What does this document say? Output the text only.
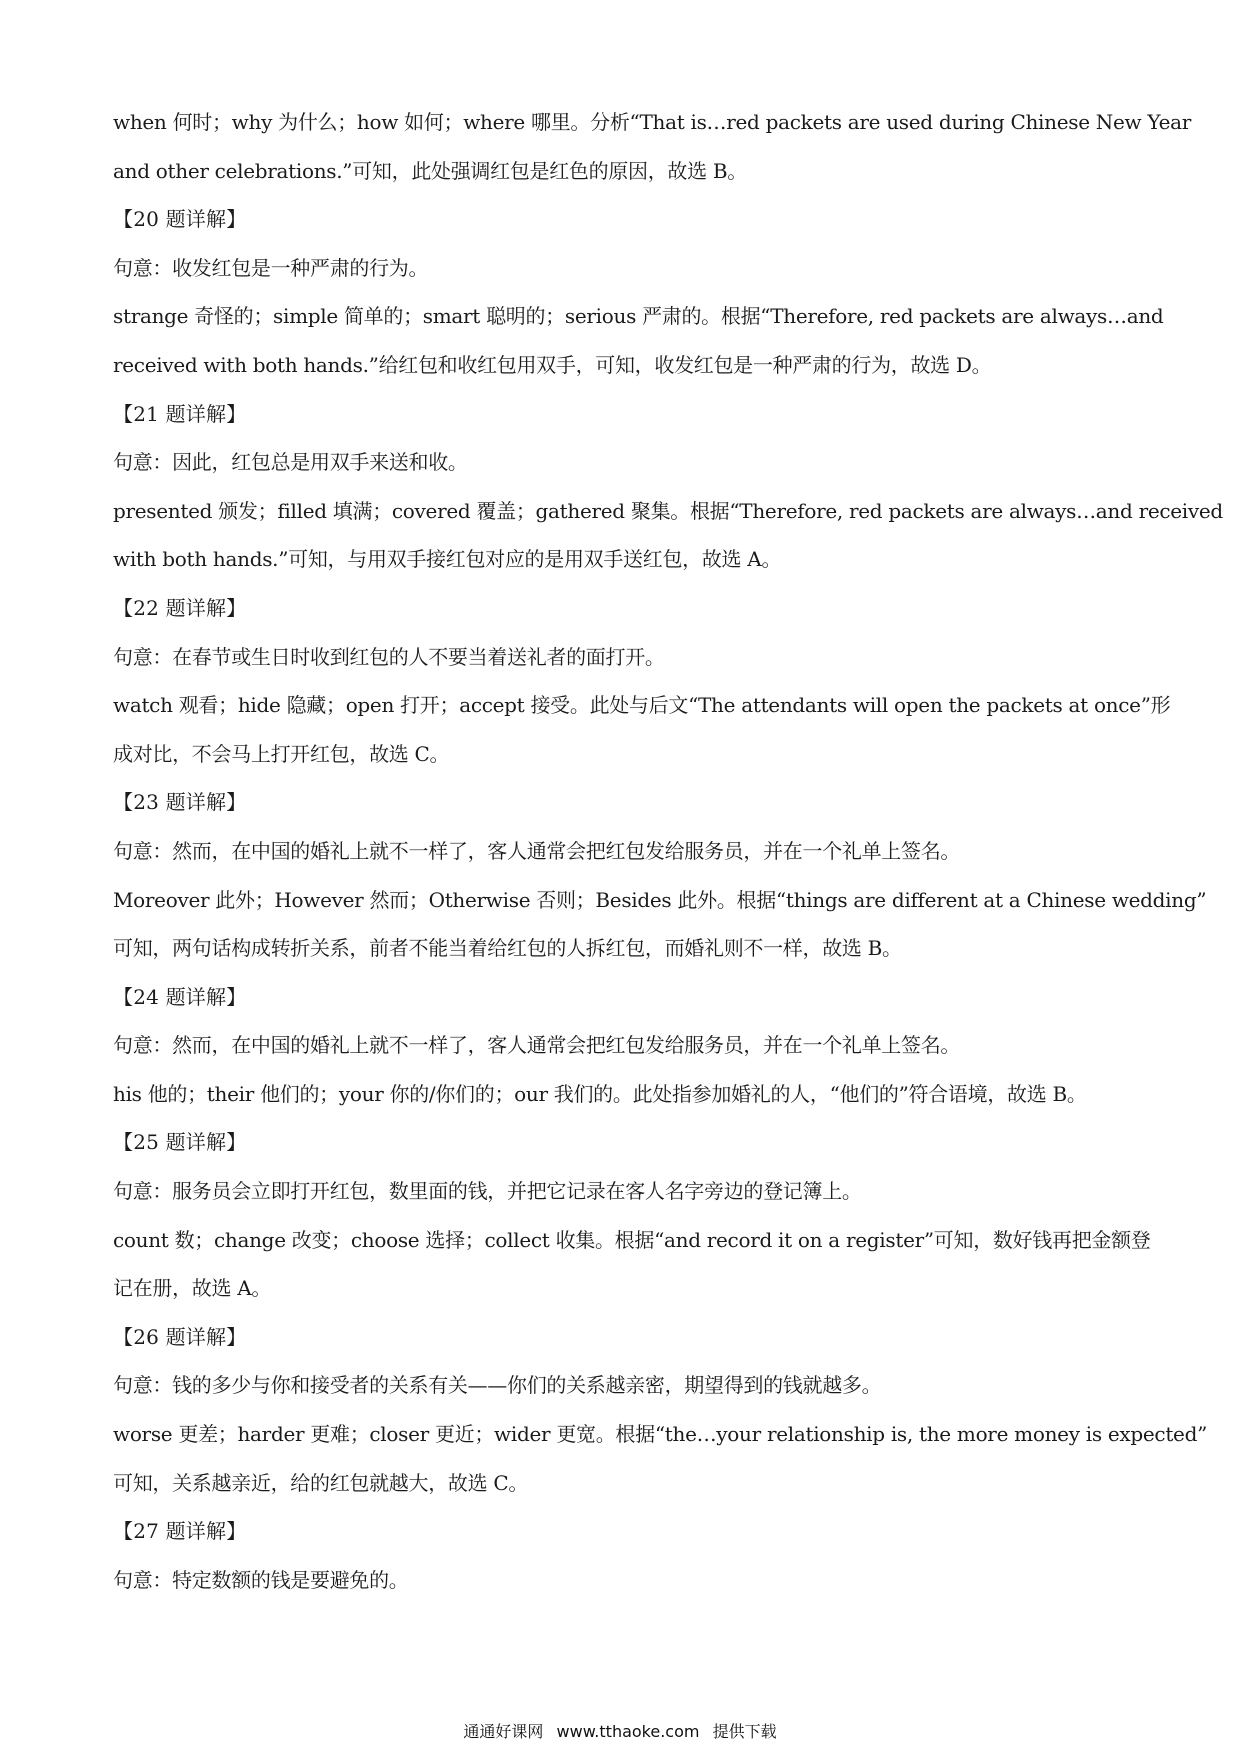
when 何时；why 为什么；how 如何；where 哪里。分析“That is…red packets are used during Chinese New Year

and other celebrations.”可知，此处强调红包是红色的原因，故选 B。

【20 题详解】

句意：收发红包是一种严肃的行为。

strange 奇怪的；simple 简单的；smart 聪明的；serious 严肃的。根据“Therefore, red packets are always…and

received with both hands.”给红包和收红包用双手，可知，收发红包是一种严肃的行为，故选 D。

【21 题详解】

句意：因此，红包总是用双手来送和收。

presented 颁发；filled 填满；covered 覆盖；gathered 聚集。根据“Therefore, red packets are always…and received

with both hands.”可知，与用双手接红包对应的是用双手送红包，故选 A。

【22 题详解】

句意：在春节或生日时收到红包的人不要当着送礼者的面打开。

watch 观看；hide 隐藏；open 打开；accept 接受。此处与后文“The attendants will open the packets at once”形

成对比，不会马上打开红包，故选 C。

【23 题详解】

句意：然而，在中国的婚礼上就不一样了，客人通常会把红包发给服务员，并在一个礼单上签名。

Moreover 此外；However 然而；Otherwise 否则；Besides 此外。根据“things are different at a Chinese wedding”

可知，两句话构成转折关系，前者不能当着给红包的人拆红包，而婚礼则不一样，故选 B。

【24 题详解】

句意：然而，在中国的婚礼上就不一样了，客人通常会把红包发给服务员，并在一个礼单上签名。

his 他的；their 他们的；your 你的/你们的；our 我们的。此处指参加婚礼的人，“他们的”符合语境，故选 B。

【25 题详解】

句意：服务员会立即打开红包，数里面的钱，并把它记录在客人名字旁边的登记簿上。

count 数；change 改变；choose 选择；collect 收集。根据“and record it on a register”可知，数好钱再把金额登

记在册，故选 A。

【26 题详解】

句意：钱的多少与你和接受者的关系有关——你们的关系越亲密，期望得到的钱就越多。

worse 更差；harder 更难；closer 更近；wider 更宽。根据“the…your relationship is, the more money is expected”

可知，关系越亲近，给的红包就越大，故选 C。

【27 题详解】

句意：特定数额的钱是要避免的。

通通好课网 www.tthaoke.com 提供下载
